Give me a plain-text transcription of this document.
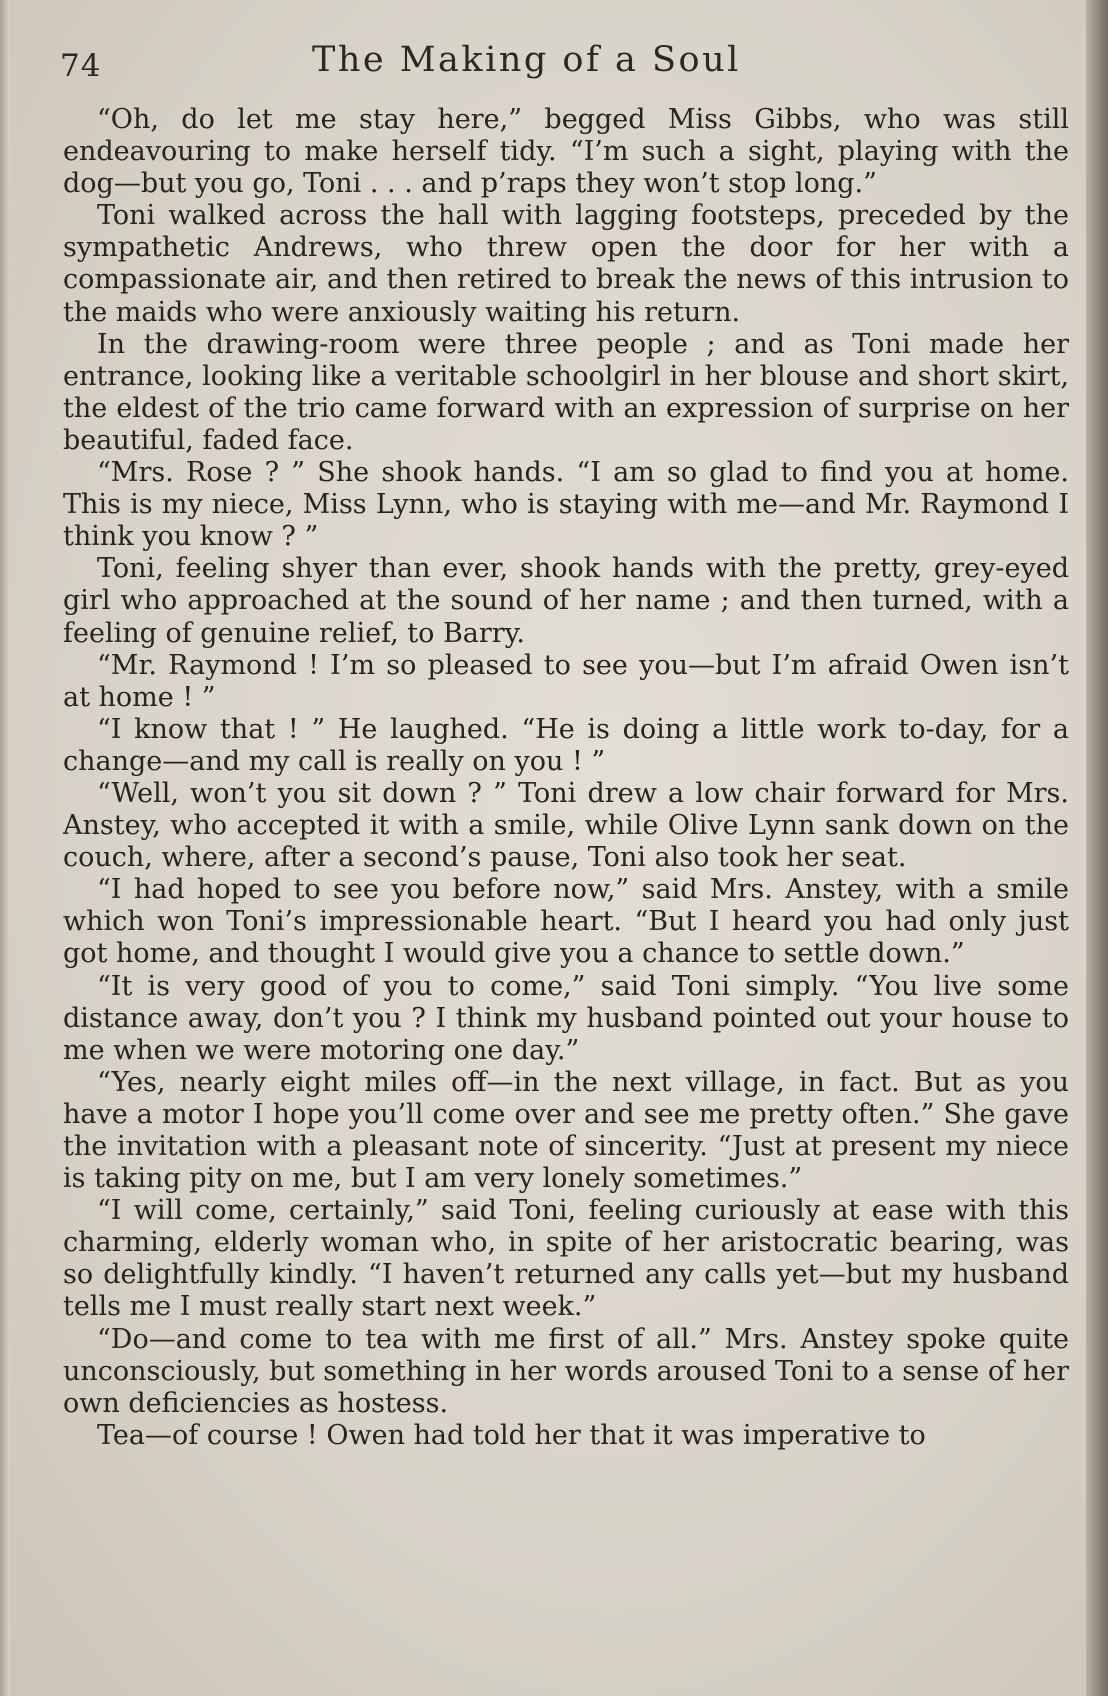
74	The Making of a Soul

“Oh, do let me stay here,” begged Miss Gibbs, who was still endeavouring to make herself tidy. “I’m such a sight, playing with the dog—but you go, Toni . . . and p’raps they won’t stop long.”

Toni walked across the hall with lagging footsteps, preceded by the sympathetic Andrews, who threw open the door for her with a compassionate air, and then retired to break the news of this intrusion to the maids who were anxiously waiting his return.

In the drawing-room were three people ; and as Toni made her entrance, looking like a veritable schoolgirl in her blouse and short skirt, the eldest of the trio came forward with an expression of surprise on her beautiful, faded face.

“Mrs. Rose ? ” She shook hands. “I am so glad to find you at home. This is my niece, Miss Lynn, who is staying with me—and Mr. Raymond I think you know ? ”

Toni, feeling shyer than ever, shook hands with the pretty, grey-eyed girl who approached at the sound of her name ; and then turned, with a feeling of genuine relief, to Barry.

“Mr. Raymond ! I’m so pleased to see you—but I’m afraid Owen isn’t at home ! ”

“I know that ! ” He laughed. “He is doing a little work to-day, for a change—and my call is really on you ! ”

“Well, won’t you sit down ? ” Toni drew a low chair forward for Mrs. Anstey, who accepted it with a smile, while Olive Lynn sank down on the couch, where, after a second’s pause, Toni also took her seat.

“I had hoped to see you before now,” said Mrs. Anstey, with a smile which won Toni’s impressionable heart. “But I heard you had only just got home, and thought I would give you a chance to settle down.”

“It is very good of you to come,” said Toni simply. “You live some distance away, don’t you ? I think my husband pointed out your house to me when we were motoring one day.”

“Yes, nearly eight miles off—in the next village, in fact. But as you have a motor I hope you’ll come over and see me pretty often.” She gave the invitation with a pleasant note of sincerity. “Just at present my niece is taking pity on me, but I am very lonely sometimes.”

“I will come, certainly,” said Toni, feeling curiously at ease with this charming, elderly woman who, in spite of her aristocratic bearing, was so delightfully kindly. “I haven’t returned any calls yet—but my husband tells me I must really start next week.”

“Do—and come to tea with me first of all.” Mrs. Anstey spoke quite unconsciously, but something in her words aroused Toni to a sense of her own deficiencies as hostess.

Tea—of course ! Owen had told her that it was imperative to
